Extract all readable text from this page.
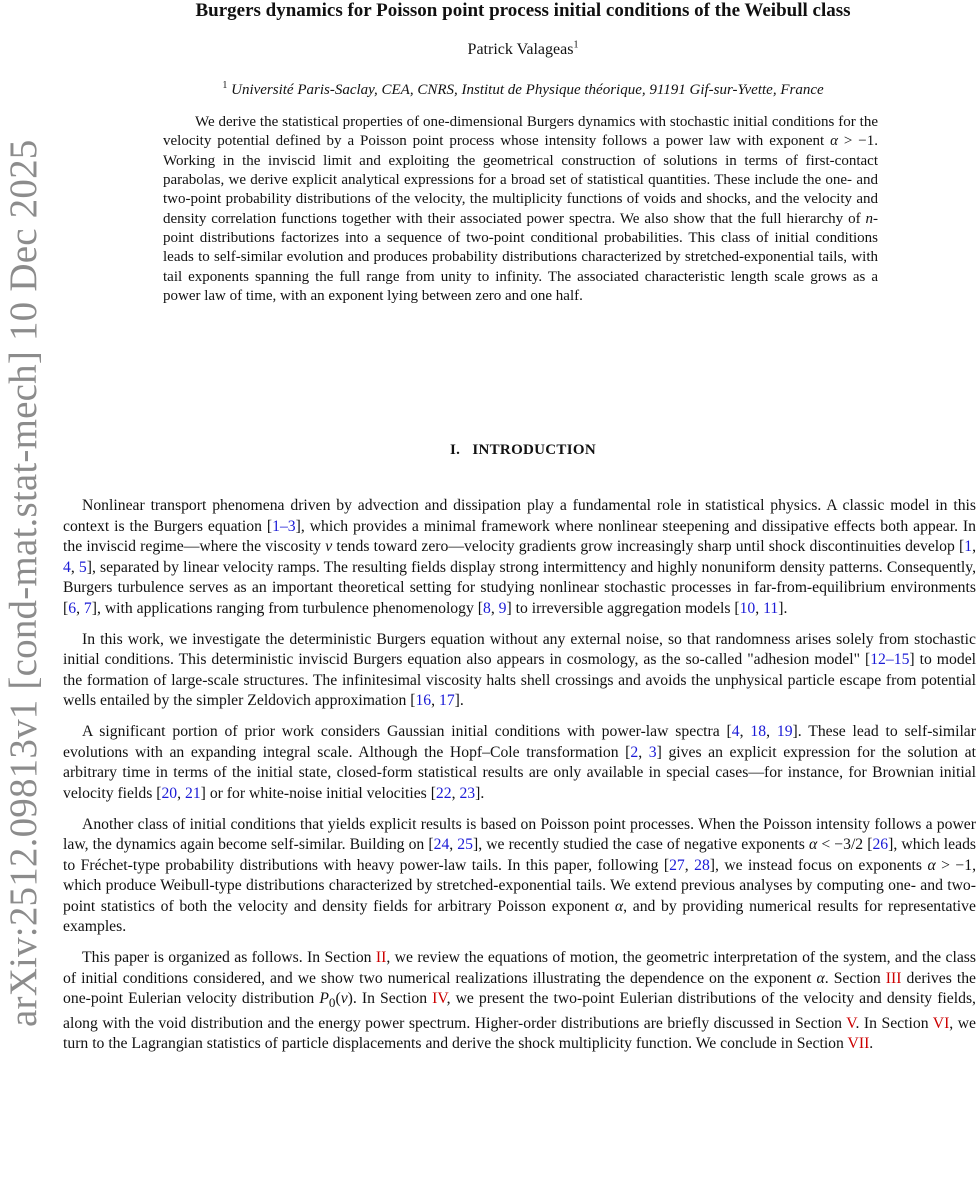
arXiv:2512.09813v1 [cond-mat.stat-mech] 10 Dec 2025
Burgers dynamics for Poisson point process initial conditions of the Weibull class
Patrick Valageas$^1$
$^1$ Université Paris-Saclay, CEA, CNRS, Institut de Physique théorique, 91191 Gif-sur-Yvette, France
We derive the statistical properties of one-dimensional Burgers dynamics with stochastic initial conditions for the velocity potential defined by a Poisson point process whose intensity follows a power law with exponent α > −1. Working in the inviscid limit and exploiting the geometrical construction of solutions in terms of first-contact parabolas, we derive explicit analytical expressions for a broad set of statistical quantities. These include the one- and two-point probability distributions of the velocity, the multiplicity functions of voids and shocks, and the velocity and density correlation functions together with their associated power spectra. We also show that the full hierarchy of n-point distributions factorizes into a sequence of two-point conditional probabilities. This class of initial conditions leads to self-similar evolution and produces probability distributions characterized by stretched-exponential tails, with tail exponents spanning the full range from unity to infinity. The associated characteristic length scale grows as a power law of time, with an exponent lying between zero and one half.
I. INTRODUCTION

Nonlinear transport phenomena driven by advection and dissipation play a fundamental role in statistical physics. A classic model in this context is the Burgers equation [1–3], which provides a minimal framework where nonlinear steepening and dissipative effects both appear. In the inviscid regime—where the viscosity ν tends toward zero—velocity gradients grow increasingly sharp until shock discontinuities develop [1, 4, 5], separated by linear velocity ramps. The resulting fields display strong intermittency and highly nonuniform density patterns. Consequently, Burgers turbulence serves as an important theoretical setting for studying nonlinear stochastic processes in far-from-equilibrium environments [6, 7], with applications ranging from turbulence phenomenology [8, 9] to irreversible aggregation models [10, 11].

In this work, we investigate the deterministic Burgers equation without any external noise, so that randomness arises solely from stochastic initial conditions. This deterministic inviscid Burgers equation also appears in cosmology, as the so-called "adhesion model" [12–15] to model the formation of large-scale structures. The infinitesimal viscosity halts shell crossings and avoids the unphysical particle escape from potential wells entailed by the simpler Zeldovich approximation [16, 17].

A significant portion of prior work considers Gaussian initial conditions with power-law spectra [4, 18, 19]. These lead to self-similar evolutions with an expanding integral scale. Although the Hopf–Cole transformation [2, 3] gives an explicit expression for the solution at arbitrary time in terms of the initial state, closed-form statistical results are only available in special cases—for instance, for Brownian initial velocity fields [20, 21] or for white-noise initial velocities [22, 23].

Another class of initial conditions that yields explicit results is based on Poisson point processes. When the Poisson intensity follows a power law, the dynamics again become self-similar. Building on [24, 25], we recently studied the case of negative exponents α < −3/2 [26], which leads to Fréchet-type probability distributions with heavy power-law tails. In this paper, following [27, 28], we instead focus on exponents α > −1, which produce Weibull-type distributions characterized by stretched-exponential tails. We extend previous analyses by computing one- and two-point statistics of both the velocity and density fields for arbitrary Poisson exponent α, and by providing numerical results for representative examples.

This paper is organized as follows. In Section II, we review the equations of motion, the geometric interpretation of the system, and the class of initial conditions considered, and we show two numerical realizations illustrating the dependence on the exponent α. Section III derives the one-point Eulerian velocity distribution $P_0(v)$. In Section IV, we present the two-point Eulerian distributions of the velocity and density fields, along with the void distribution and the energy power spectrum. Higher-order distributions are briefly discussed in Section V. In Section VI, we turn to the Lagrangian statistics of particle displacements and derive the shock multiplicity function. We conclude in Section VII.
